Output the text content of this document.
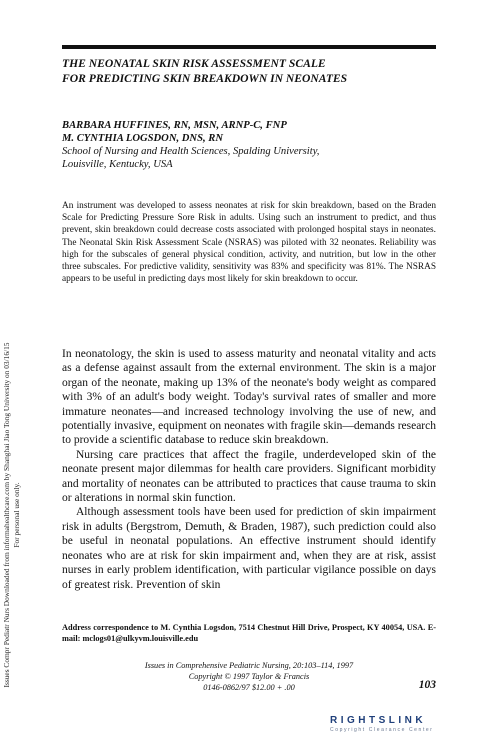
THE NEONATAL SKIN RISK ASSESSMENT SCALE
FOR PREDICTING SKIN BREAKDOWN IN NEONATES
BARBARA HUFFINES, RN, MSN, ARNP-C, FNP
M. CYNTHIA LOGSDON, DNS, RN
School of Nursing and Health Sciences, Spalding University,
Louisville, Kentucky, USA
An instrument was developed to assess neonates at risk for skin breakdown, based on the Braden Scale for Predicting Pressure Sore Risk in adults. Using such an instrument to predict, and thus prevent, skin breakdown could decrease costs associated with prolonged hospital stays in neonates. The Neonatal Skin Risk Assessment Scale (NSRAS) was piloted with 32 neonates. Reliability was high for the subscales of general physical condition, activity, and nutrition, but low in the other three subscales. For predictive validity, sensitivity was 83% and specificity was 81%. The NSRAS appears to be useful in predicting days most likely for skin breakdown to occur.

In neonatology, the skin is used to assess maturity and neonatal vitality and acts as a defense against assault from the external environment. The skin is a major organ of the neonate, making up 13% of the neonate's body weight as compared with 3% of an adult's body weight. Today's survival rates of smaller and more immature neonates—and increased technology involving the use of new, and potentially invasive, equipment on neonates with fragile skin—demands research to provide a scientific database to reduce skin breakdown.

Nursing care practices that affect the fragile, underdeveloped skin of the neonate present major dilemmas for health care providers. Significant morbidity and mortality of neonates can be attributed to practices that cause trauma to skin or alterations in normal skin function.

Although assessment tools have been used for prediction of skin impairment risk in adults (Bergstrom, Demuth, & Braden, 1987), such prediction could also be useful in neonatal populations. An effective instrument should identify neonates who are at risk for skin impairment and, when they are at risk, assist nurses in early problem identification, with particular vigilance possible on days of greatest risk. Prevention of skin

Address correspondence to M. Cynthia Logsdon, 7514 Chestnut Hill Drive, Prospect, KY 40054, USA. E-mail: mclogs01@ulkyvm.louisville.edu
Issues in Comprehensive Pediatric Nursing, 20:103–114, 1997
Copyright © 1997 Taylor & Francis
0146-0862/97 $12.00 + .00	103
Issues Compr Pediatr Nurs Downloaded from informahealthcare.com by Shanghai Jiao Tong University on 03/16/15 For personal use only.
RIGHTSLINK
Copyright Clearance Center
